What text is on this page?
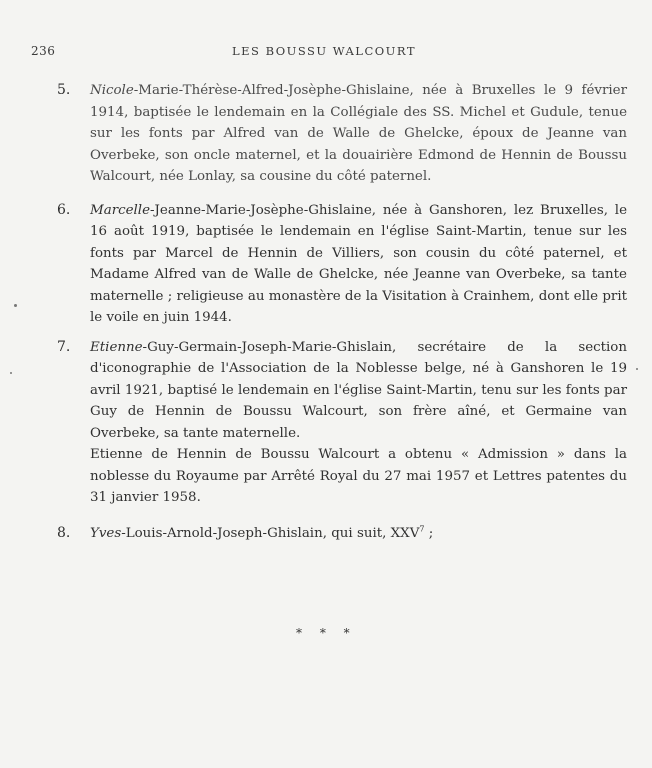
236	LES BOUSSU WALCOURT
5.	Nicole-Marie-Thérèse-Alfred-Josèphe-Ghislaine, née à Bruxelles le 9 février 1914, baptisée le lendemain en la Collégiale des SS. Michel et Gudule, tenue sur les fonts par Alfred van de Walle de Ghelcke, époux de Jeanne van Overbeke, son oncle maternel, et la douairière Edmond de Hennin de Boussu Walcourt, née Lonlay, sa cousine du côté paternel.
6.	Marcelle-Jeanne-Marie-Josèphe-Ghislaine, née à Ganshoren, lez Bruxelles, le 16 août 1919, baptisée le lendemain en l'église Saint-Martin, tenue sur les fonts par Marcel de Hennin de Villiers, son cousin du côté paternel, et Madame Alfred van de Walle de Ghelcke, née Jeanne van Overbeke, sa tante maternelle ; religieuse au monastère de la Visitation à Crainhem, dont elle prit le voile en juin 1944.
7.	Etienne-Guy-Germain-Joseph-Marie-Ghislain, secrétaire de la section d'iconographie de l'Association de la Noblesse belge, né à Ganshoren le 19 avril 1921, baptisé le lendemain en l'église Saint-Martin, tenu sur les fonts par Guy de Hennin de Boussu Walcourt, son frère aîné, et Germaine van Overbeke, sa tante maternelle.
Etienne de Hennin de Boussu Walcourt a obtenu « Admission » dans la noblesse du Royaume par Arrêté Royal du 27 mai 1957 et Lettres patentes du 31 janvier 1958.
8.	Yves-Louis-Arnold-Joseph-Ghislain, qui suit, XXV$^7$ ;
* * *
